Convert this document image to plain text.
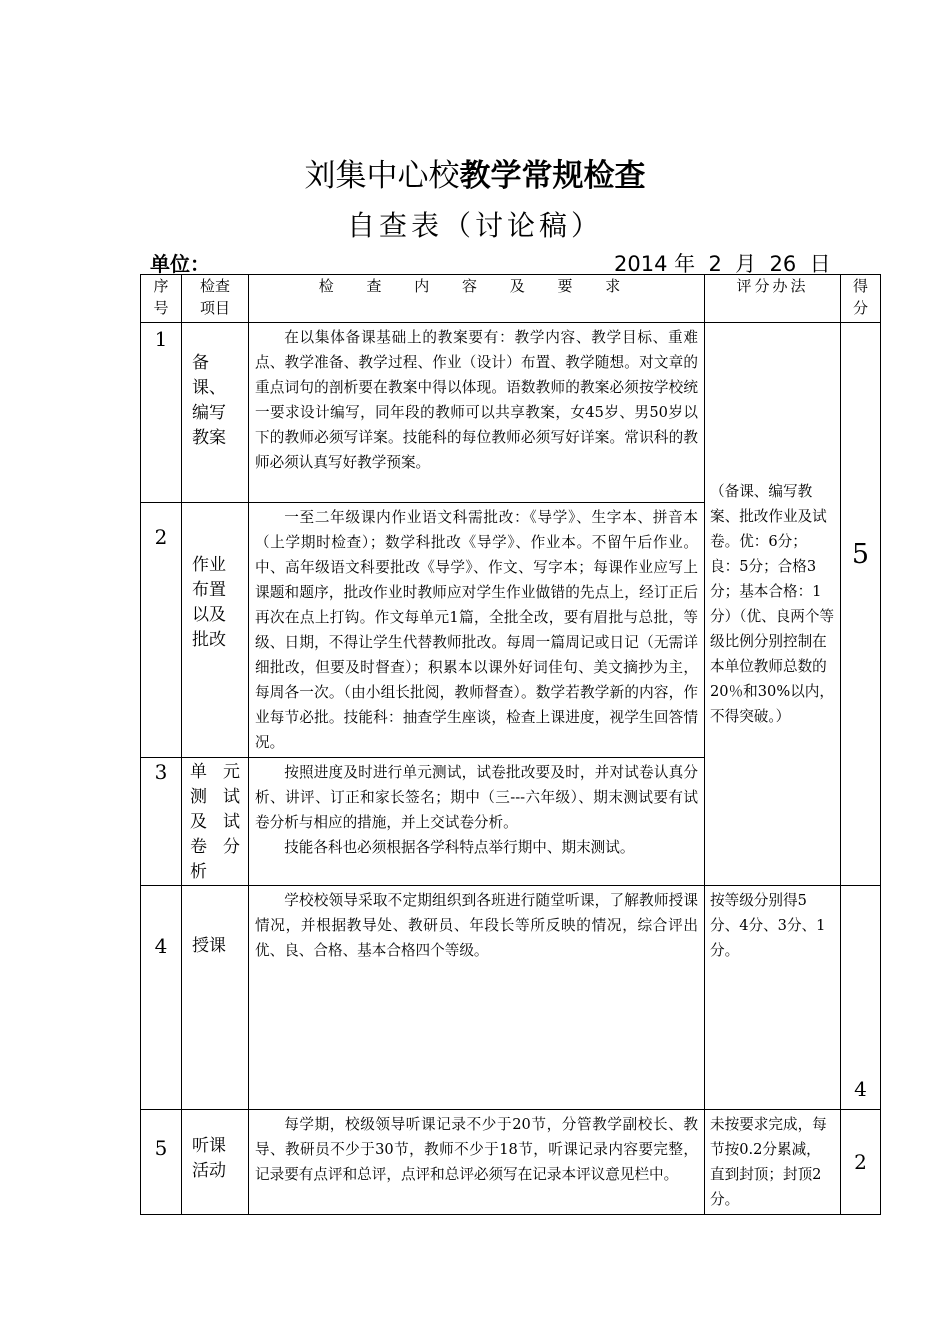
刘集中心校教学常规检查
自查表（讨论稿）
单位：	2014 年  2  月  26  日
序号	检查项目	检 查 内 容 及 要 求	评分办法	得分
1	备课、编写教案	在以集体备课基础上的教案要有：教学内容、教学目标、重难点、教学准备、教学过程、作业（设计）布置、教学随想。对文章的重点词句的剖析要在教案中得以体现。语数教师的教案必须按学校统一要求设计编写，同年段的教师可以共享教案，女45岁、男50岁以下的教师必须写详案。技能科的每位教师必须写好详案。常识科的教师必须认真写好教学预案。	（备课、编写教案、批改作业及试卷。优：6分；良：5分；合格3分；基本合格：1分）（优、良两个等级比例分别控制在本单位教师总数的20％和30%以内，不得突破。）	5
2	作业布置以及批改	一至二年级课内作业语文科需批改：《导学》、生字本、拼音本（上学期时检查）；数学科批改《导学》、作业本。不留午后作业。中、高年级语文科要批改《导学》、作文、写字本；每课作业应写上课题和题序，批改作业时教师应对学生作业做错的先点上，经订正后再次在点上打钩。作文每单元1篇，全批全改，要有眉批与总批，等级、日期，不得让学生代替教师批改。每周一篇周记或日记（无需详细批改，但要及时督查）；积累本以课外好词佳句、美文摘抄为主，每周各一次。（由小组长批阅，教师督查）。数学若教学新的内容，作业每节必批。技能科：抽查学生座谈，检查上课进度，视学生回答情况。		

3	单元测试及试卷分析	按照进度及时进行单元测试，试卷批改要及时，并对试卷认真分析、讲评、订正和家长签名；期中（三---六年级）、期末测试要有试卷分析与相应的措施，并上交试卷分析。

技能各科也必须根据各学科特点举行期中、期末测试。		

4	授课	学校校领导采取不定期组织到各班进行随堂听课，了解教师授课情况，并根据教导处、教研员、年段长等所反映的情况，综合评出优、良、合格、基本合格四个等级。	按等级分别得5分、4分、3分、1分。	4
5	听课活动	每学期，校级领导听课记录不少于20节，分管教学副校长、教导、教研员不少于30节，教师不少于18节，听课记录内容要完整，记录要有点评和总评，点评和总评必须写在记录本评议意见栏中。	未按要求完成，每节按0.2分累减，直到封顶；封顶2分。	2
